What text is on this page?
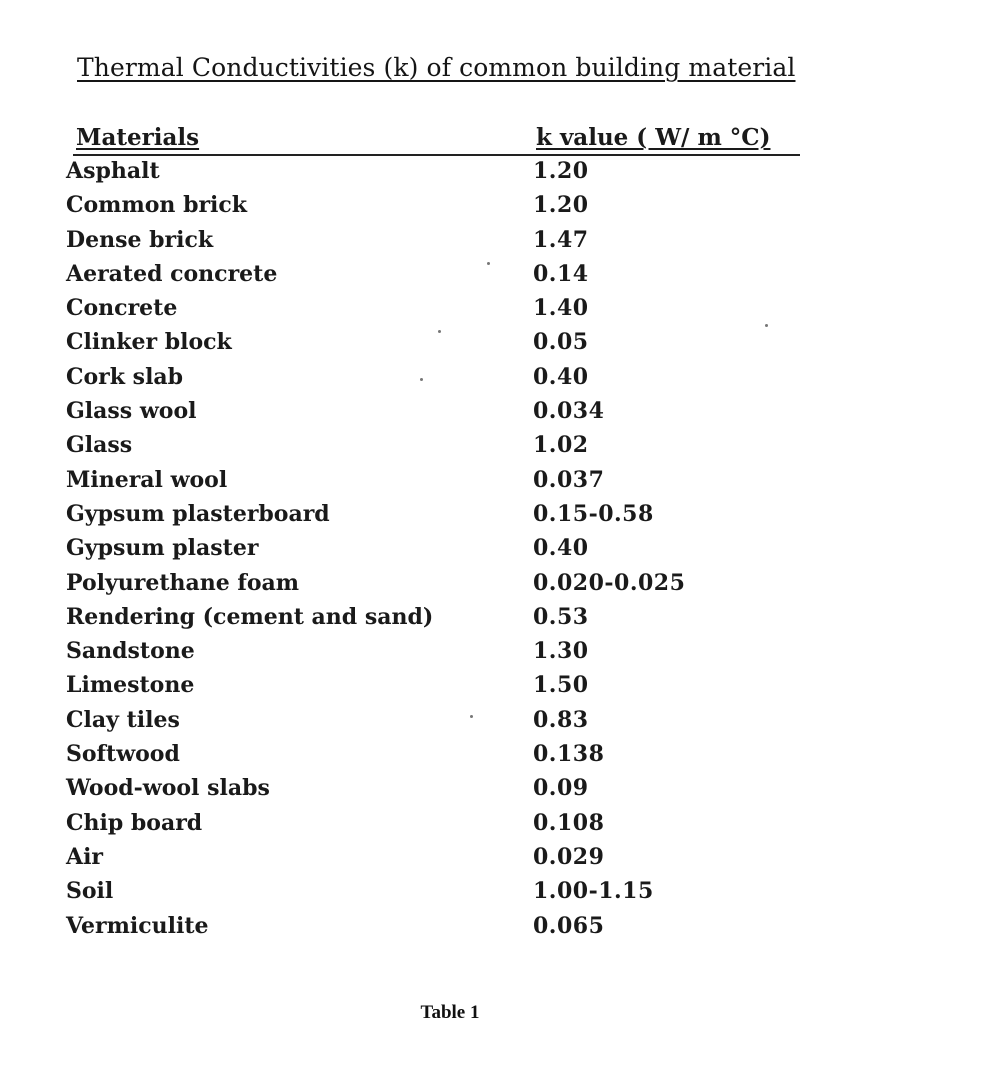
Thermal Conductivities (k) of common building material
Materials	k value ( W/ m °C)
Asphalt	1.20
Common brick	1.20
Dense brick	1.47
Aerated concrete	0.14
Concrete	1.40
Clinker block	0.05
Cork slab	0.40
Glass wool	0.034
Glass	1.02
Mineral wool	0.037
Gypsum plasterboard	0.15-0.58
Gypsum plaster	0.40
Polyurethane foam	0.020-0.025
Rendering (cement and sand)	0.53
Sandstone	1.30
Limestone	1.50
Clay tiles	0.83
Softwood	0.138
Wood-wool slabs	0.09
Chip board	0.108
Air	0.029
Soil	1.00-1.15
Vermiculite	0.065
Table 1
